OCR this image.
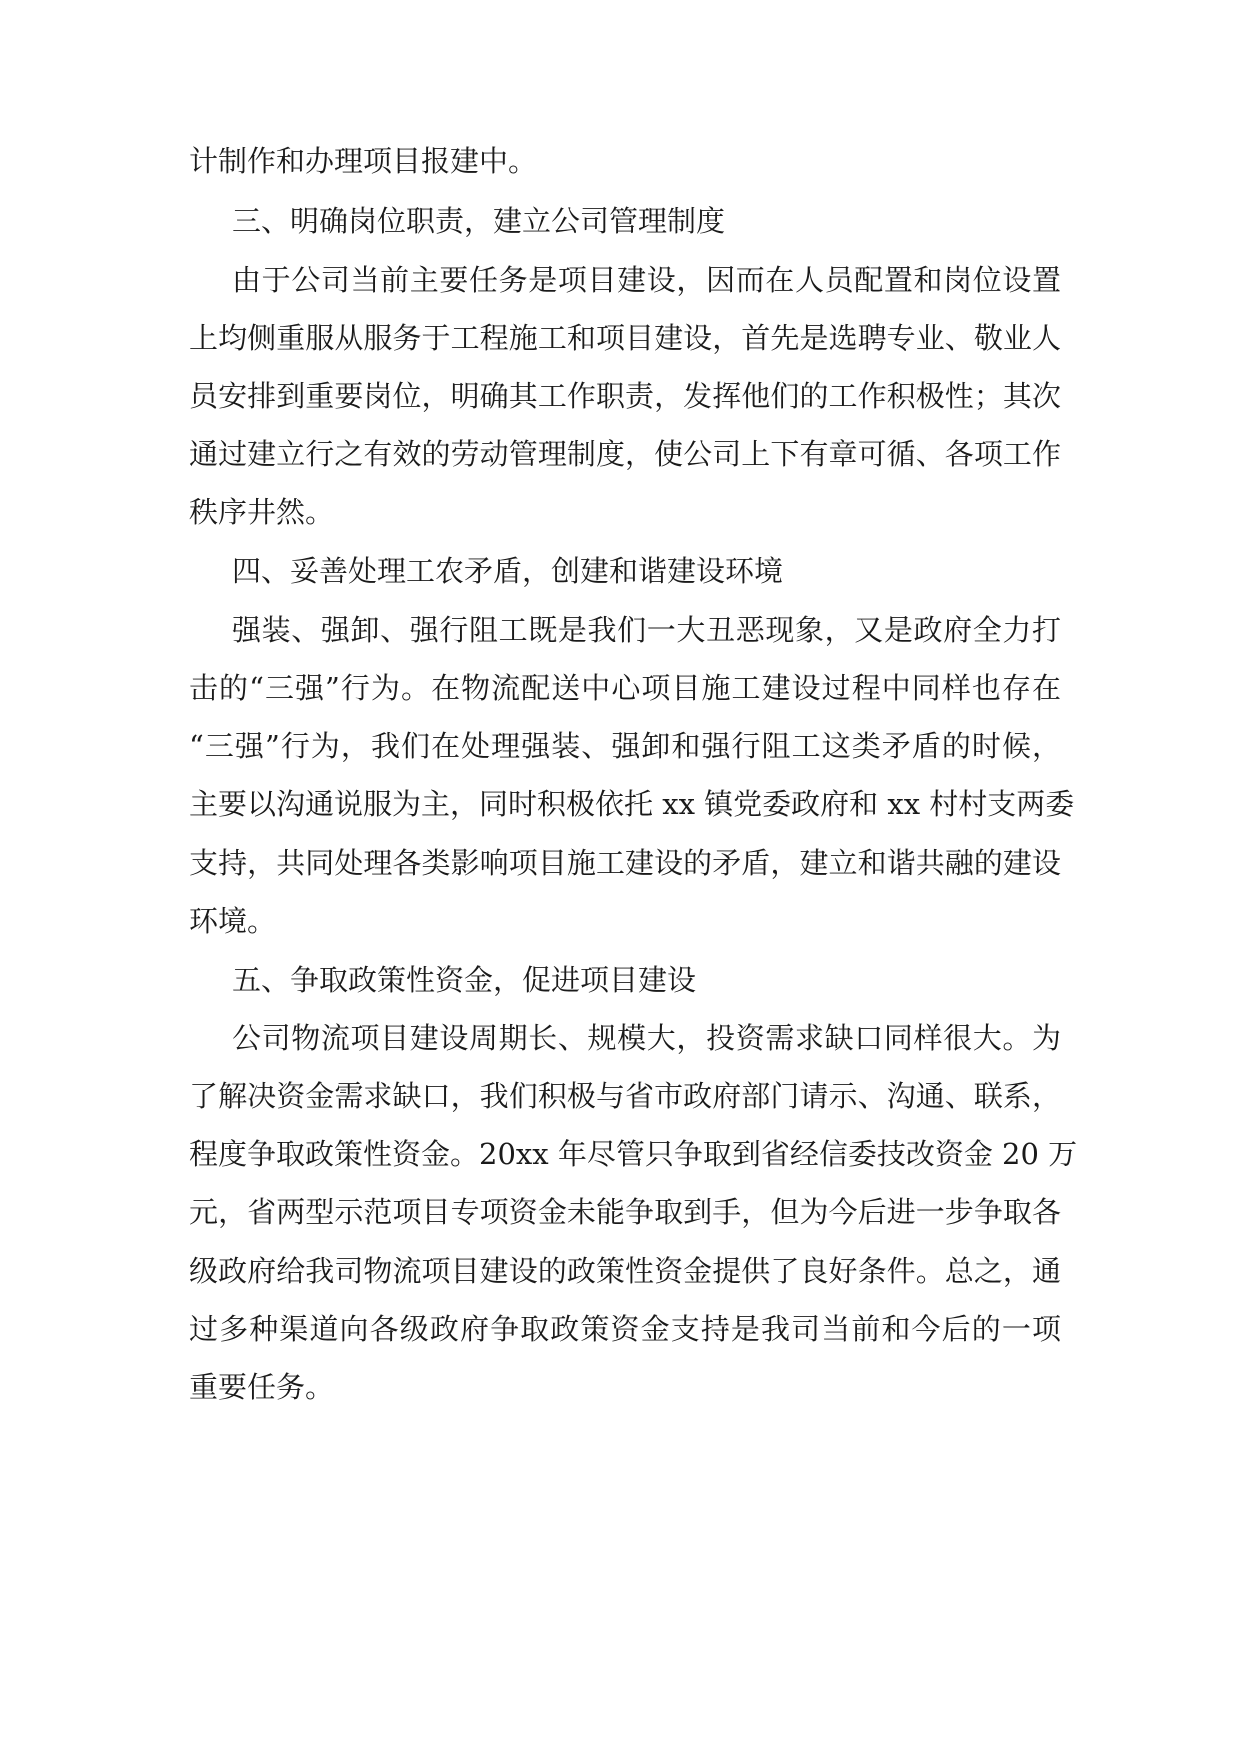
计制作和办理项目报建中。
三、明确岗位职责，建立公司管理制度
由于公司当前主要任务是项目建设，因而在人员配置和岗位设置
上均侧重服从服务于工程施工和项目建设，首先是选聘专业、敬业人
员安排到重要岗位，明确其工作职责，发挥他们的工作积极性；其次
通过建立行之有效的劳动管理制度，使公司上下有章可循、各项工作
秩序井然。
四、妥善处理工农矛盾，创建和谐建设环境
强装、强卸、强行阻工既是我们一大丑恶现象，又是政府全力打
击的“三强”行为。在物流配送中心项目施工建设过程中同样也存在
“三强”行为，我们在处理强装、强卸和强行阻工这类矛盾的时候，
主要以沟通说服为主，同时积极依托 xx 镇党委政府和 xx 村村支两委
支持，共同处理各类影响项目施工建设的矛盾，建立和谐共融的建设
环境。
五、争取政策性资金，促进项目建设
公司物流项目建设周期长、规模大，投资需求缺口同样很大。为
了解决资金需求缺口，我们积极与省市政府部门请示、沟通、联系，
程度争取政策性资金。20xx 年尽管只争取到省经信委技改资金 20 万
元，省两型示范项目专项资金未能争取到手，但为今后进一步争取各
级政府给我司物流项目建设的政策性资金提供了良好条件。总之，通
过多种渠道向各级政府争取政策资金支持是我司当前和今后的一项
重要任务。
